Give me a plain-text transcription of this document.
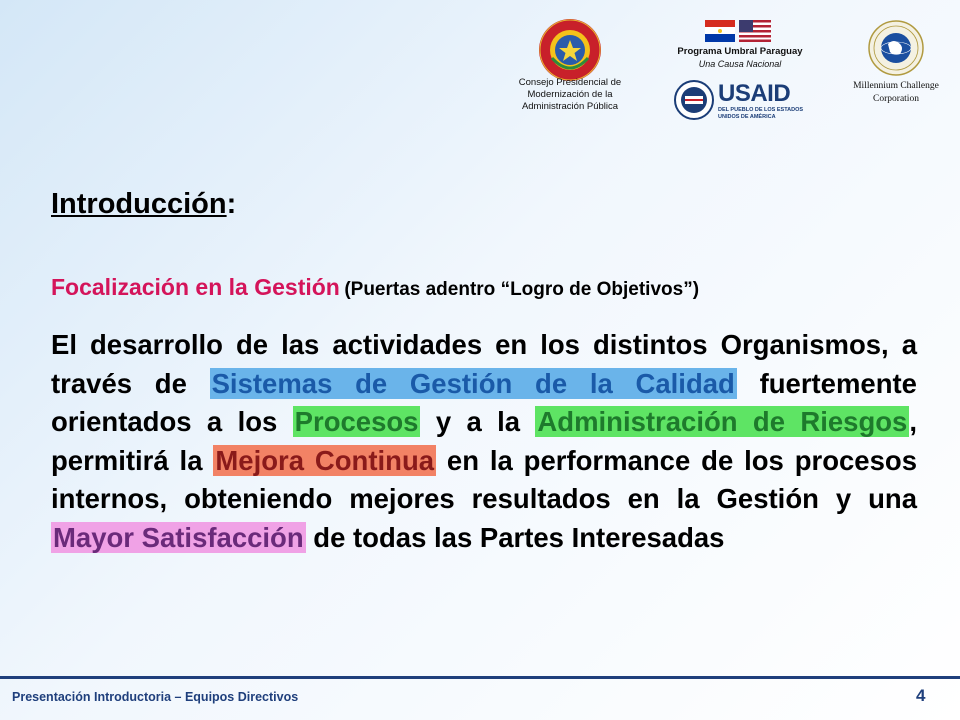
Consejo Presidencial de
Modernización de la
Administración Pública
Programa Umbral Paraguay
Una Causa Nacional
USAID
DEL PUEBLO DE LOS ESTADOS
UNIDOS DE AMÉRICA
Millennium Challenge
Corporation
Introducción:
Focalización en la Gestión (Puertas adentro “Logro de Objetivos”)
El desarrollo de las actividades en los distintos Organismos, a través de Sistemas de Gestión de la Calidad fuertemente orientados a los Procesos y a la Administración de Riesgos, permitirá la Mejora Continua en la performance de los procesos internos, obteniendo mejores resultados en la Gestión y una Mayor Satisfacción de todas las Partes Interesadas
Presentación Introductoria – Equipos Directivos	4
